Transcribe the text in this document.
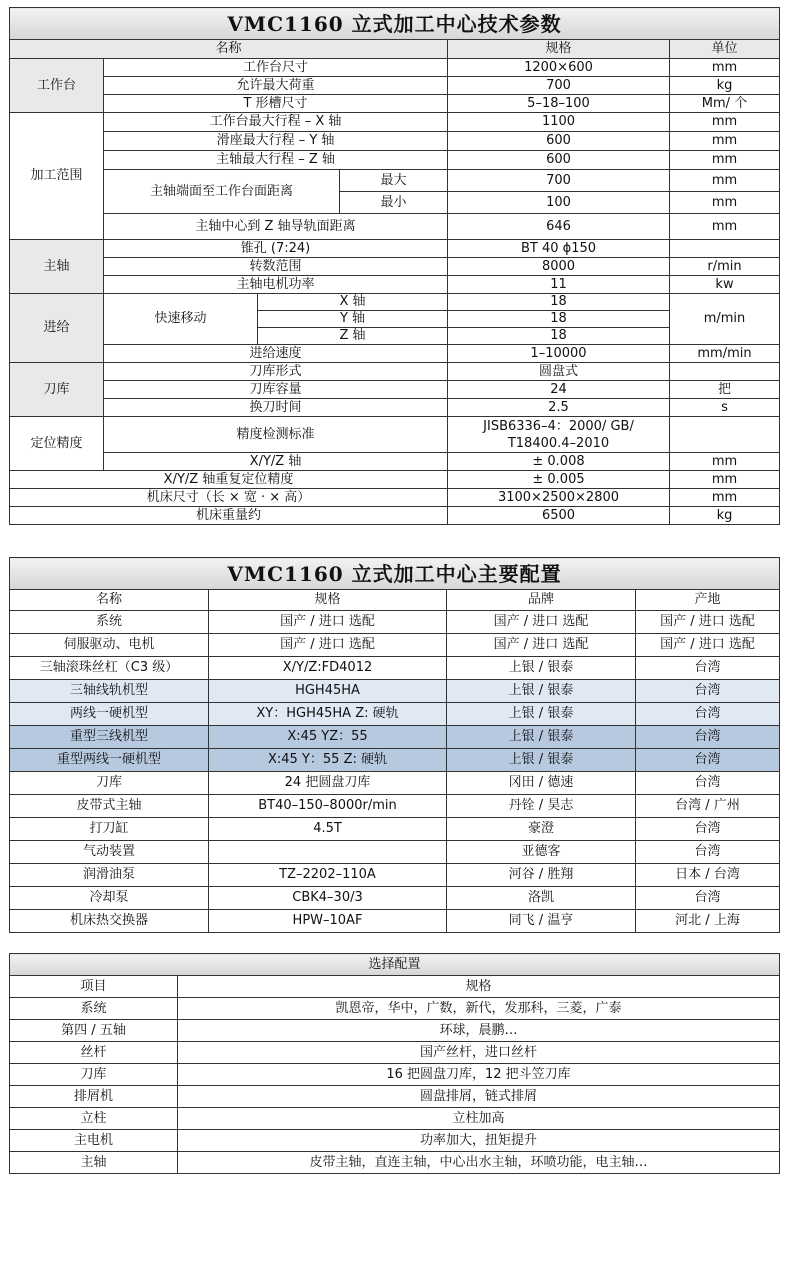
VMC1160 立式加工中心技术参数					
名称				规格	单位
工作台	工作台尺寸			1200×600	mm
	允许最大荷重			700	kg
	T 形槽尺寸			5–18–100	Mm/ 个
加工范围	工作台最大行程 – X 轴			1100	mm
	滑座最大行程 – Y 轴			600	mm
	主轴最大行程 – Z 轴			600	mm
	主轴端面至工作台面距离		最大	700	mm
			最小	100	mm
	主轴中心到 Z 轴导轨面距离			646	mm
主轴	锥孔 (7:24)			BT 40 ϕ150	
	转数范围			8000	r/min
	主轴电机功率			11	kw
进给	快速移动	X 轴		18	m/min
		Y 轴		18	
		Z 轴		18	
	进给速度			1–10000	mm/min
刀库	刀库形式			圆盘式	
	刀库容量			24	把
	换刀时间			2.5	s
定位精度	精度检测标准			JISB6336–4：2000/ GB/ T18400.4–2010	
	X/Y/Z 轴			± 0.008	mm
X/Y/Z 轴重复定位精度				± 0.005	mm
机床尺寸（长 × 宽 · × 高）				3100×2500×2800	mm
机床重量约				6500	kg
VMC1160 立式加工中心主要配置			
名称	规格	品牌	产地
系统	国产 / 进口 选配	国产 / 进口 选配	国产 / 进口 选配
伺服驱动、电机	国产 / 进口 选配	国产 / 进口 选配	国产 / 进口 选配
三轴滚珠丝杠（C3 级）	X/Y/Z:FD4012	上银 / 银泰	台湾
三轴线轨机型	HGH45HA	上银 / 银泰	台湾
两线一硬机型	XY：HGH45HA Z: 硬轨	上银 / 银泰	台湾
重型三线机型	X:45 YZ：55	上银 / 银泰	台湾
重型两线一硬机型	X:45 Y：55 Z: 硬轨	上银 / 银泰	台湾
刀库	24 把圆盘刀库	冈田 / 德速	台湾
皮带式主轴	BT40–150–8000r/min	丹铨 / 昊志	台湾 / 广州
打刀缸	4.5T	豪澄	台湾
气动装置		亚德客	台湾
润滑油泵	TZ–2202–110A	河谷 / 胜翔	日本 / 台湾
冷却泵	CBK4–30/3	洛凯	台湾
机床热交换器	HPW–10AF	同飞 / 温亨	河北 / 上海
选择配置	
项目	规格
系统	凯恩帝，华中，广数，新代，发那科，三菱，广泰
第四 / 五轴	环球，晨鹏…
丝杆	国产丝杆，进口丝杆
刀库	16 把圆盘刀库，12 把斗笠刀库
排屑机	圆盘排屑，链式排屑
立柱	立柱加高
主电机	功率加大，扭矩提升
主轴	皮带主轴，直连主轴，中心出水主轴，环喷功能，电主轴…
